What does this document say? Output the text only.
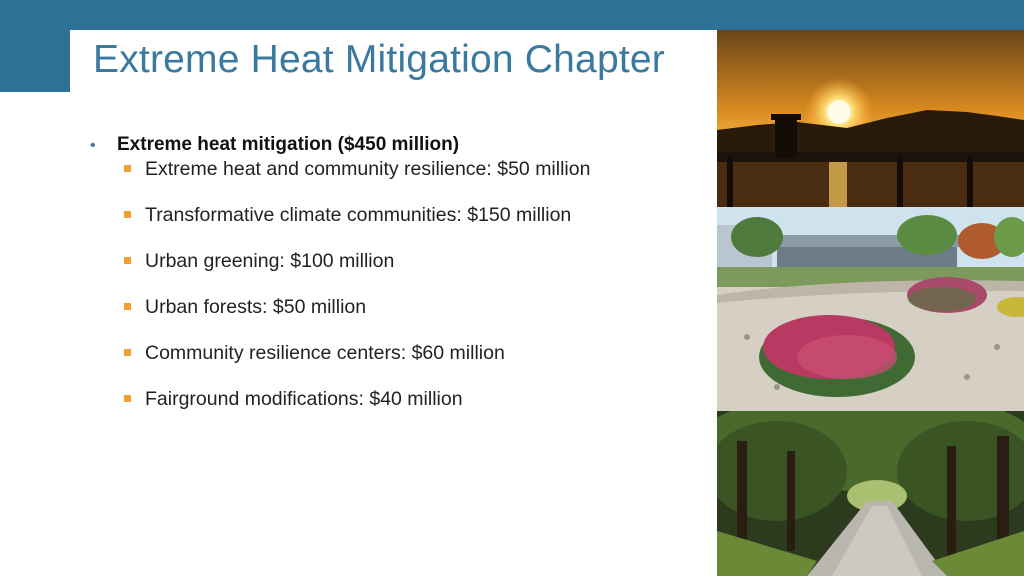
Extreme Heat Mitigation Chapter
•	Extreme heat mitigation ($450 million)
Extreme heat and community resilience: $50 million
Transformative climate communities: $150 million
Urban greening: $100 million
Urban forests: $50 million
Community resilience centers: $60 million
Fairground modifications: $40 million
